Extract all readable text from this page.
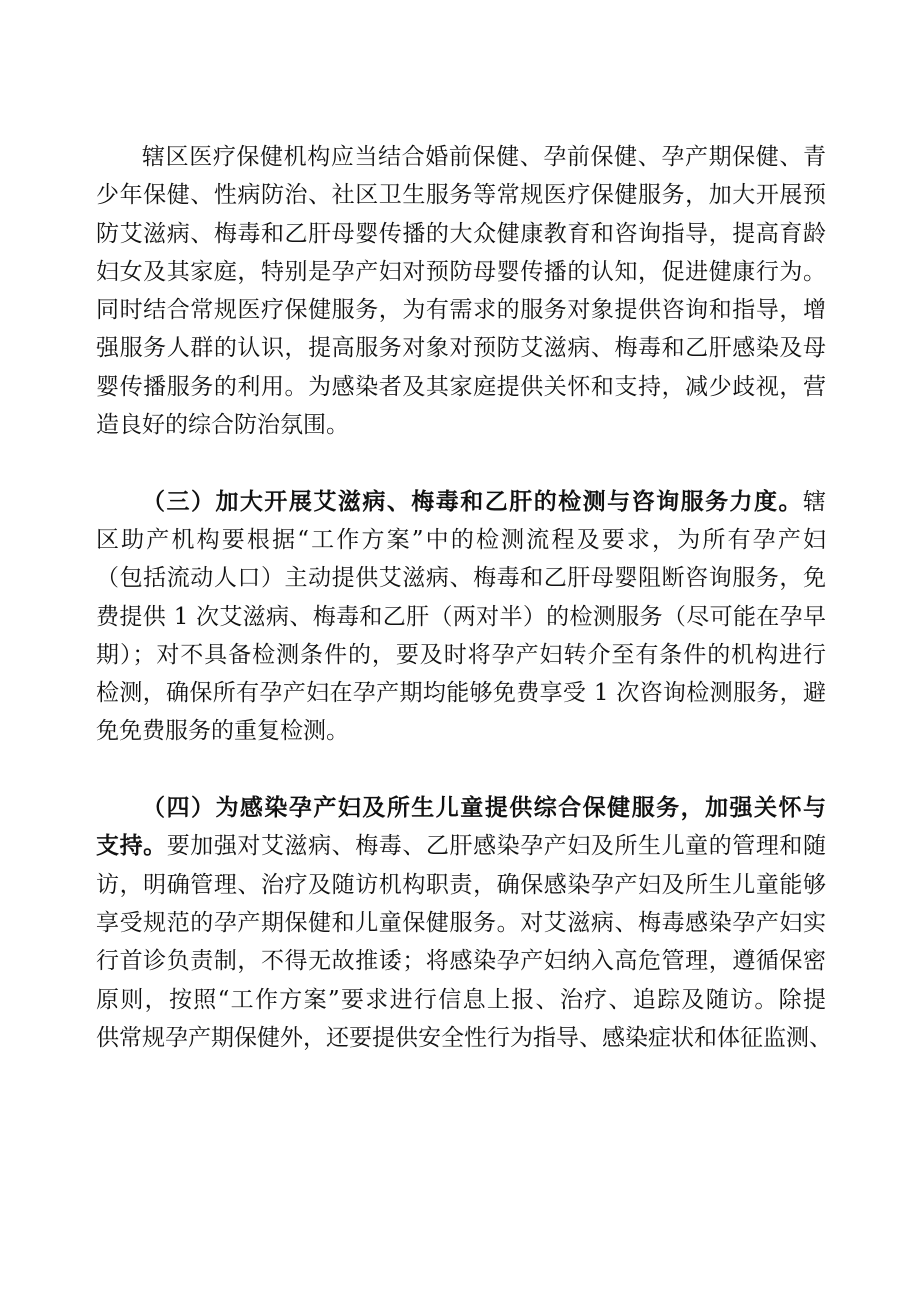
辖区医疗保健机构应当结合婚前保健、孕前保健、孕产期保健、青
少年保健、性病防治、社区卫生服务等常规医疗保健服务，加大开展预
防艾滋病、梅毒和乙肝母婴传播的大众健康教育和咨询指导，提高育龄
妇女及其家庭，特别是孕产妇对预防母婴传播的认知，促进健康行为。
同时结合常规医疗保健服务，为有需求的服务对象提供咨询和指导，增
强服务人群的认识，提高服务对象对预防艾滋病、梅毒和乙肝感染及母
婴传播服务的利用。为感染者及其家庭提供关怀和支持，减少歧视，营
造良好的综合防治氛围。
（三）加大开展艾滋病、梅毒和乙肝的检测与咨询服务力度。辖
区助产机构要根据“工作方案”中的检测流程及要求，为所有孕产妇
（包括流动人口）主动提供艾滋病、梅毒和乙肝母婴阻断咨询服务，免
费提供 1 次艾滋病、梅毒和乙肝（两对半）的检测服务（尽可能在孕早
期）；对不具备检测条件的，要及时将孕产妇转介至有条件的机构进行
检测，确保所有孕产妇在孕产期均能够免费享受 1 次咨询检测服务，避
免免费服务的重复检测。
（四）为感染孕产妇及所生儿童提供综合保健服务，加强关怀与
支持。要加强对艾滋病、梅毒、乙肝感染孕产妇及所生儿童的管理和随
访，明确管理、治疗及随访机构职责，确保感染孕产妇及所生儿童能够
享受规范的孕产期保健和儿童保健服务。对艾滋病、梅毒感染孕产妇实
行首诊负责制，不得无故推诿；将感染孕产妇纳入高危管理，遵循保密
原则，按照“工作方案”要求进行信息上报、治疗、追踪及随访。除提
供常规孕产期保健外，还要提供安全性行为指导、感染症状和体征监测、
